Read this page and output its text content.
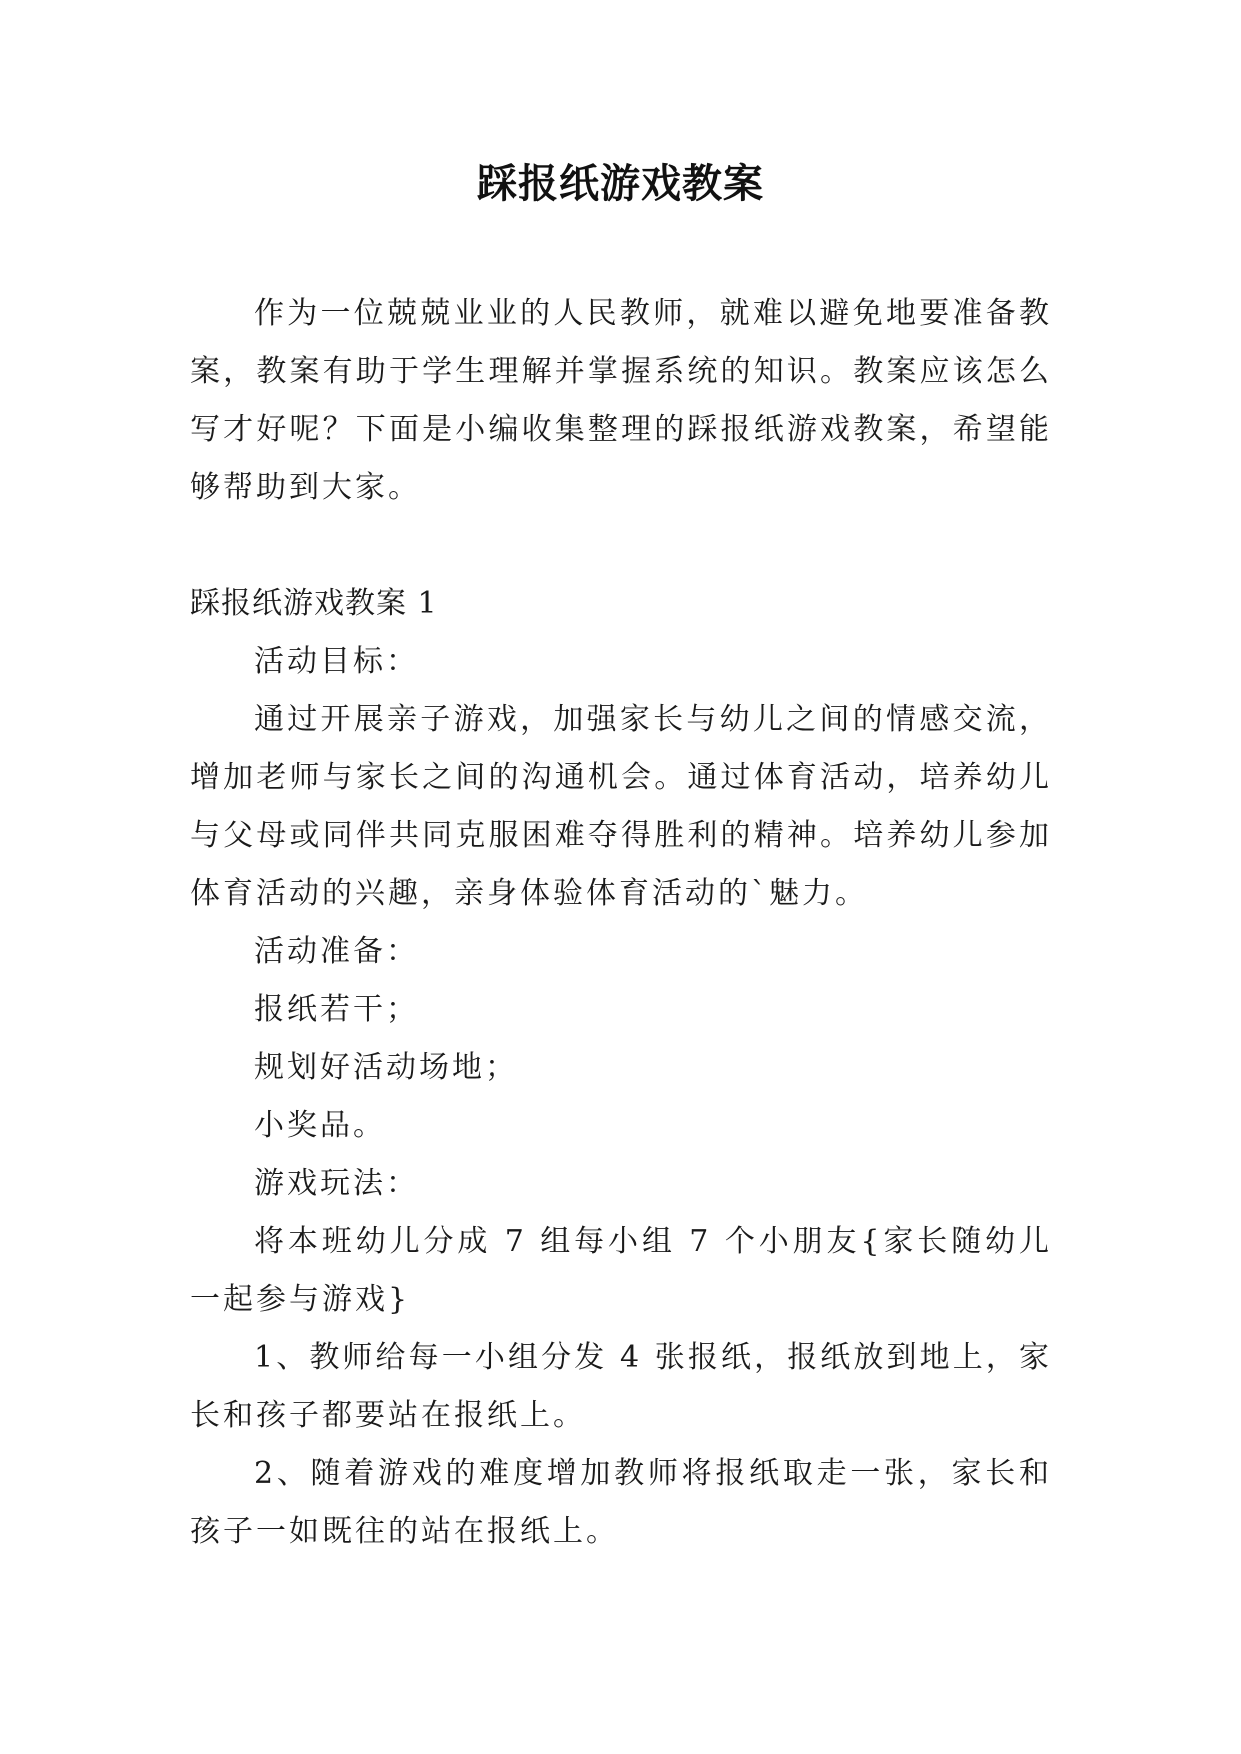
踩报纸游戏教案

作为一位兢兢业业的人民教师，就难以避免地要准备教案，教案有助于学生理解并掌握系统的知识。教案应该怎么写才好呢？下面是小编收集整理的踩报纸游戏教案，希望能够帮助到大家。

踩报纸游戏教案 1

活动目标：

通过开展亲子游戏，加强家长与幼儿之间的情感交流，增加老师与家长之间的沟通机会。通过体育活动，培养幼儿与父母或同伴共同克服困难夺得胜利的精神。培养幼儿参加体育活动的兴趣，亲身体验体育活动的`魅力。

活动准备：

报纸若干；

规划好活动场地；

小奖品。

游戏玩法：

将本班幼儿分成 7 组每小组 7 个小朋友{家长随幼儿一起参与游戏}

1、教师给每一小组分发 4 张报纸，报纸放到地上，家长和孩子都要站在报纸上。

2、随着游戏的难度增加教师将报纸取走一张，家长和孩子一如既往的站在报纸上。
